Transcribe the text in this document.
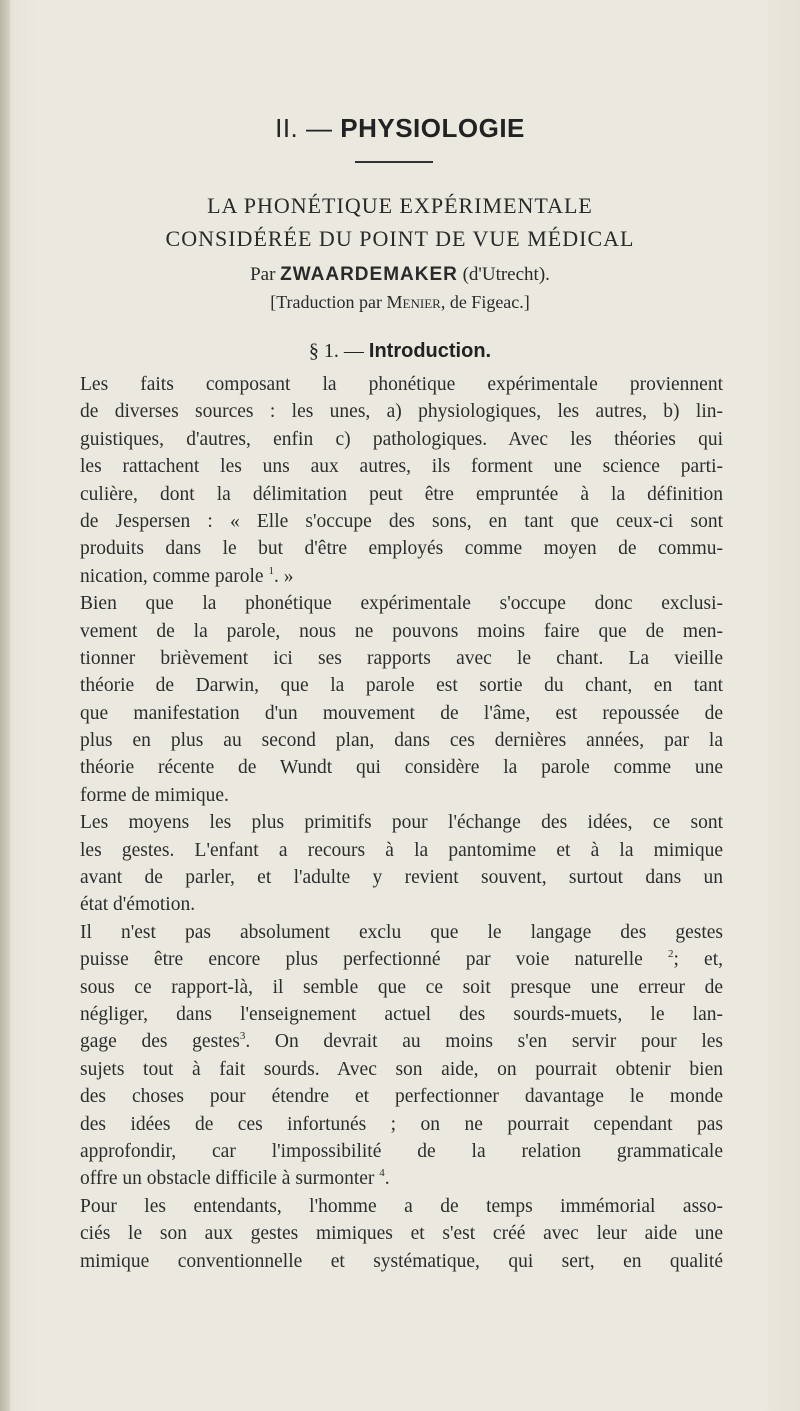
II. — PHYSIOLOGIE
LA PHONÉTIQUE EXPÉRIMENTALE
CONSIDÉRÉE DU POINT DE VUE MÉDICAL
Par ZWAARDEMAKER (d'Utrecht).
[Traduction par Menier, de Figeac.]
§ 1. — Introduction.
Les faits composant la phonétique expérimentale proviennent
de diverses sources : les unes, a) physiologiques, les autres, b) lin-
guistiques, d'autres, enfin c) pathologiques. Avec les théories qui
les rattachent les uns aux autres, ils forment une science parti-
culière, dont la délimitation peut être empruntée à la définition
de Jespersen : « Elle s'occupe des sons, en tant que ceux-ci sont
produits dans le but d'être employés comme moyen de commu-
nication, comme parole $^1$. »
Bien que la phonétique expérimentale s'occupe donc exclusi-
vement de la parole, nous ne pouvons moins faire que de men-
tionner brièvement ici ses rapports avec le chant. La vieille
théorie de Darwin, que la parole est sortie du chant, en tant
que manifestation d'un mouvement de l'âme, est repoussée de
plus en plus au second plan, dans ces dernières années, par la
théorie récente de Wundt qui considère la parole comme une
forme de mimique.
Les moyens les plus primitifs pour l'échange des idées, ce sont
les gestes. L'enfant a recours à la pantomime et à la mimique
avant de parler, et l'adulte y revient souvent, surtout dans un
état d'émotion.
Il n'est pas absolument exclu que le langage des gestes
puisse être encore plus perfectionné par voie naturelle $^2$; et,
sous ce rapport-là, il semble que ce soit presque une erreur de
négliger, dans l'enseignement actuel des sourds-muets, le lan-
gage des gestes$^3$. On devrait au moins s'en servir pour les
sujets tout à fait sourds. Avec son aide, on pourrait obtenir bien
des choses pour étendre et perfectionner davantage le monde
des idées de ces infortunés ; on ne pourrait cependant pas
approfondir, car l'impossibilité de la relation grammaticale
offre un obstacle difficile à surmonter $^4$.
Pour les entendants, l'homme a de temps immémorial asso-
ciés le son aux gestes mimiques et s'est créé avec leur aide une
mimique conventionnelle et systématique, qui sert, en qualité
